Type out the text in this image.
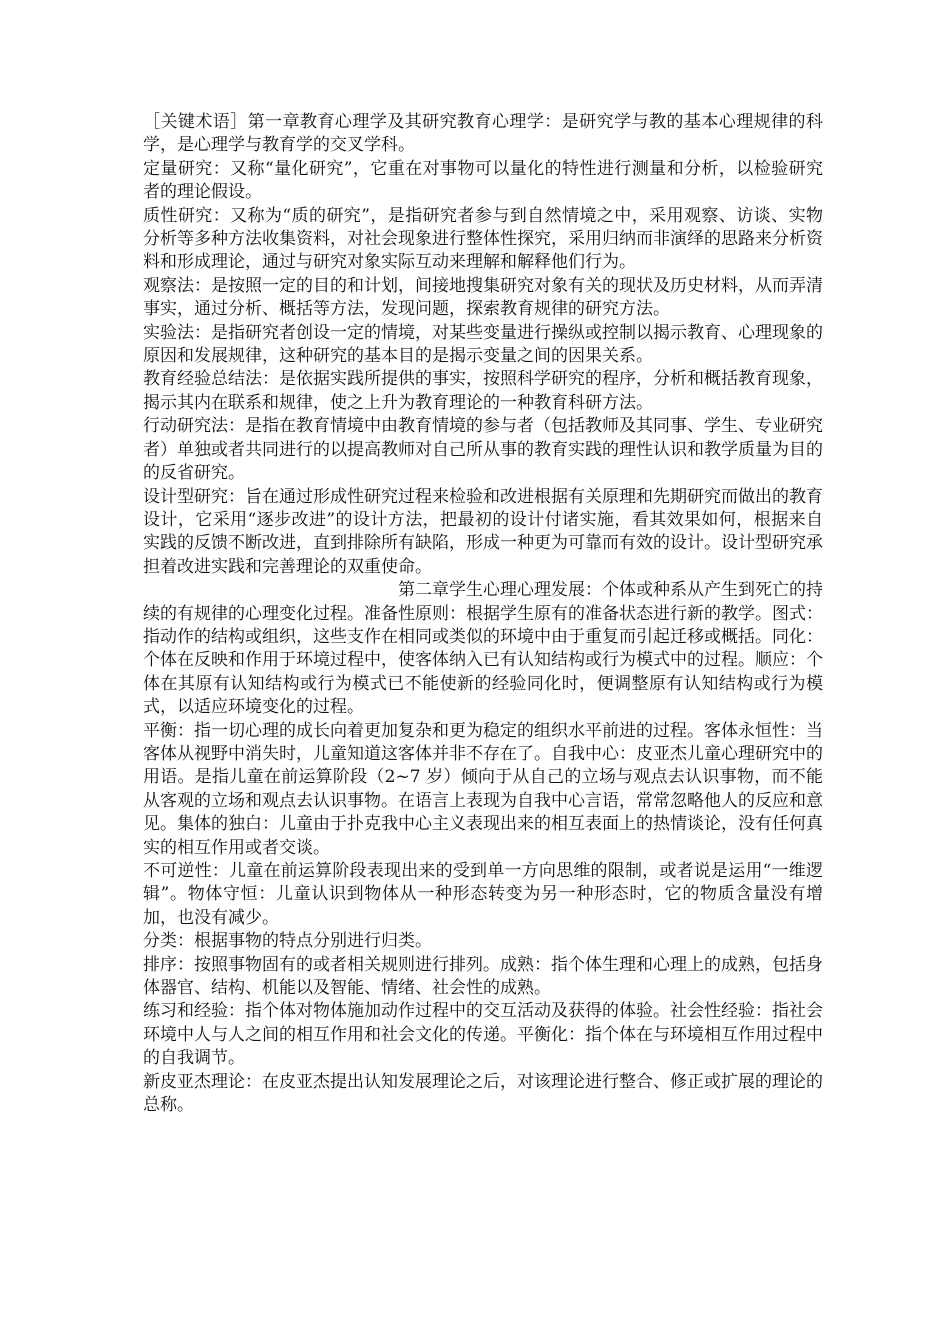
［关键术语］第一章教育心理学及其研究教育心理学：是研究学与教的基本心理规律的科学，是心理学与教育学的交叉学科。

定量研究：又称“量化研究”，它重在对事物可以量化的特性进行测量和分析，以检验研究者的理论假设。

质性研究：又称为“质的研究”，是指研究者参与到自然情境之中，采用观察、访谈、实物分析等多种方法收集资料，对社会现象进行整体性探究，采用归纳而非演绎的思路来分析资料和形成理论，通过与研究对象实际互动来理解和解释他们行为。

观察法：是按照一定的目的和计划，间接地搜集研究对象有关的现状及历史材料，从而弄清事实，通过分析、概括等方法，发现问题，探索教育规律的研究方法。

实验法：是指研究者创设一定的情境，对某些变量进行操纵或控制以揭示教育、心理现象的原因和发展规律，这种研究的基本目的是揭示变量之间的因果关系。

教育经验总结法：是依据实践所提供的事实，按照科学研究的程序，分析和概括教育现象，揭示其内在联系和规律，使之上升为教育理论的一种教育科研方法。

行动研究法：是指在教育情境中由教育情境的参与者（包括教师及其同事、学生、专业研究者）单独或者共同进行的以提高教师对自己所从事的教育实践的理性认识和教学质量为目的的反省研究。

设计型研究：旨在通过形成性研究过程来检验和改进根据有关原理和先期研究而做出的教育设计，它采用“逐步改进”的设计方法，把最初的设计付诸实施，看其效果如何，根据来自实践的反馈不断改进，直到排除所有缺陷，形成一种更为可靠而有效的设计。设计型研究承担着改进实践和完善理论的双重使命。

第二章学生心理心理发展：个体或种系从产生到死亡的持续的有规律的心理变化过程。准备性原则：根据学生原有的准备状态进行新的教学。图式：指动作的结构或组织，这些支作在相同或类似的环境中由于重复而引起迁移或概括。同化：个体在反映和作用于环境过程中，使客体纳入已有认知结构或行为模式中的过程。顺应：个体在其原有认知结构或行为模式已不能使新的经验同化时，便调整原有认知结构或行为模式，以适应环境变化的过程。

平衡：指一切心理的成长向着更加复杂和更为稳定的组织水平前进的过程。客体永恒性：当客体从视野中消失时，儿童知道这客体并非不存在了。自我中心：皮亚杰儿童心理研究中的用语。是指儿童在前运算阶段（2~7 岁）倾向于从自己的立场与观点去认识事物，而不能从客观的立场和观点去认识事物。在语言上表现为自我中心言语，常常忽略他人的反应和意见。集体的独白：儿童由于扑克我中心主义表现出来的相互表面上的热情谈论，没有任何真实的相互作用或者交谈。

不可逆性：儿童在前运算阶段表现出来的受到单一方向思维的限制，或者说是运用“一维逻辑”。物体守恒：儿童认识到物体从一种形态转变为另一种形态时，它的物质含量没有增加，也没有减少。

分类：根据事物的特点分别进行归类。

排序：按照事物固有的或者相关规则进行排列。成熟：指个体生理和心理上的成熟，包括身体器官、结构、机能以及智能、情绪、社会性的成熟。

练习和经验：指个体对物体施加动作过程中的交互活动及获得的体验。社会性经验：指社会环境中人与人之间的相互作用和社会文化的传递。平衡化：指个体在与环境相互作用过程中的自我调节。

新皮亚杰理论：在皮亚杰提出认知发展理论之后，对该理论进行整合、修正或扩展的理论的总称。
